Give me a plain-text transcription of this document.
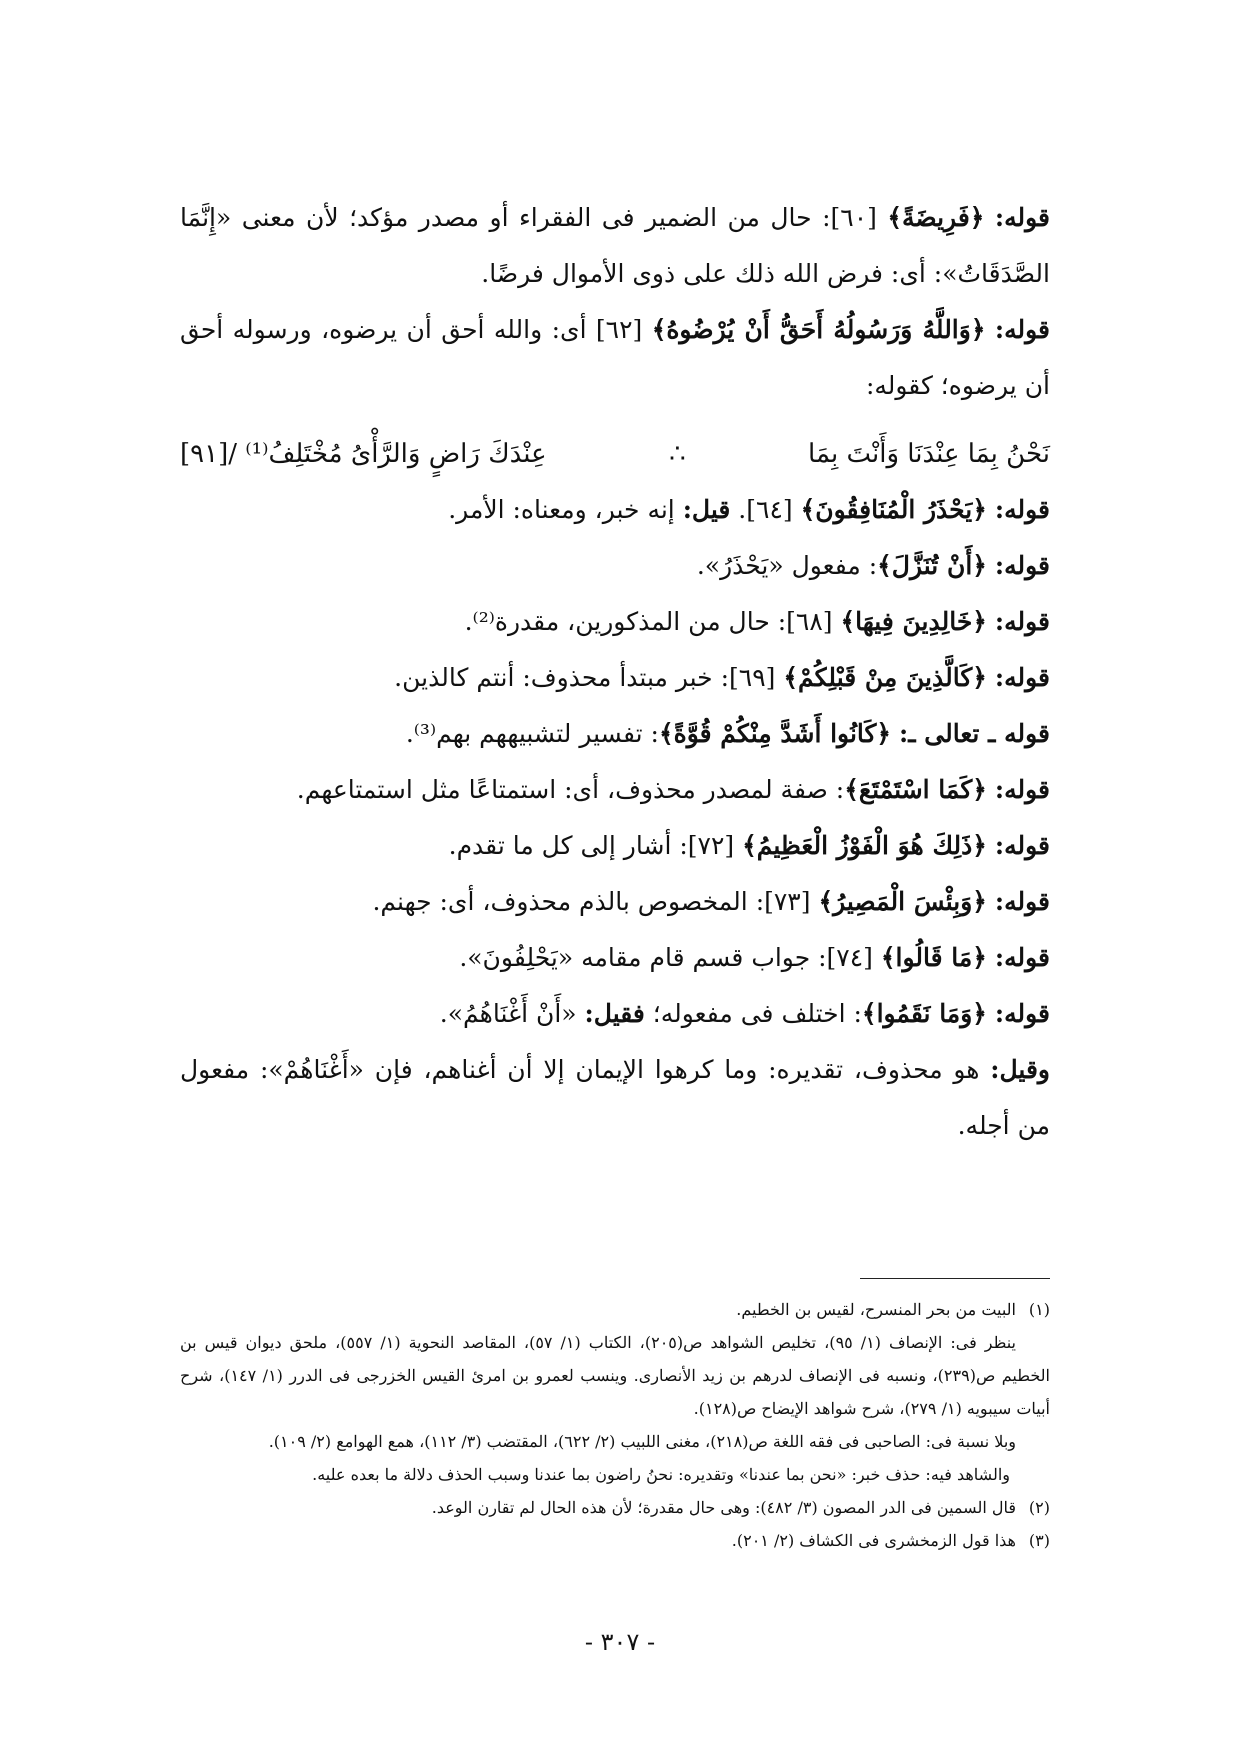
قوله: ﴿فَرِيضَةً﴾ [٦٠]: حال من الضمير فى الفقراء أو مصدر مؤكد؛ لأن معنى «إِنَّمَا الصَّدَقَاتُ»: أى: فرض الله ذلك على ذوى الأموال فرضًا.

قوله: ﴿وَاللَّهُ وَرَسُولُهُ أَحَقُّ أَنْ يُرْضُوهُ﴾ [٦٢] أى: والله أحق أن يرضوه، ورسوله أحق أن يرضوه؛ كقوله:

نَحْنُ بِمَا عِنْدَنَا وَأَنْتَ بِمَا
∴
عِنْدَكَ رَاضٍ وَالرَّأْىُ مُخْتَلِفُ⁽¹⁾ /[٩١]

قوله: ﴿يَحْذَرُ الْمُنَافِقُونَ﴾ [٦٤]. قيل: إنه خبر، ومعناه: الأمر.

قوله: ﴿أَنْ تُنَزَّلَ﴾: مفعول «يَحْذَرُ».

قوله: ﴿خَالِدِينَ فِيهَا﴾ [٦٨]: حال من المذكورين، مقدرة⁽²⁾.

قوله: ﴿كَالَّذِينَ مِنْ قَبْلِكُمْ﴾ [٦٩]: خبر مبتدأ محذوف: أنتم كالذين.

قوله ـ تعالى ـ: ﴿كَانُوا أَشَدَّ مِنْكُمْ قُوَّةً﴾: تفسير لتشبيههم بهم⁽³⁾.

قوله: ﴿كَمَا اسْتَمْتَعَ﴾: صفة لمصدر محذوف، أى: استمتاعًا مثل استمتاعهم.

قوله: ﴿ذَلِكَ هُوَ الْفَوْزُ الْعَظِيمُ﴾ [٧٢]: أشار إلى كل ما تقدم.

قوله: ﴿وَبِئْسَ الْمَصِيرُ﴾ [٧٣]: المخصوص بالذم محذوف، أى: جهنم.

قوله: ﴿مَا قَالُوا﴾ [٧٤]: جواب قسم قام مقامه «يَحْلِفُونَ».

قوله: ﴿وَمَا نَقَمُوا﴾: اختلف فى مفعوله؛ فقيل: «أَنْ أَغْنَاهُمُ».

وقيل: هو محذوف، تقديره: وما كرهوا الإيمان إلا أن أغناهم، فإن «أَغْنَاهُمْ»: مفعول من أجله.

(١)
البيت من بحر المنسرح، لقيس بن الخطيم.

ينظر فى: الإنصاف (١/ ٩٥)، تخليص الشواهد ص(٢٠٥)، الكتاب (١/ ٥٧)، المقاصد النحوية (١/ ٥٥٧)، ملحق ديوان قيس بن الخطيم ص(٢٣٩)، ونسبه فى الإنصاف لدرهم بن زيد الأنصارى. وينسب لعمرو بن امرئ القيس الخزرجى فى الدرر (١/ ١٤٧)، شرح أبيات سيبويه (١/ ٢٧٩)، شرح شواهد الإيضاح ص(١٢٨).

وبلا نسبة فى: الصاحبى فى فقه اللغة ص(٢١٨)، مغنى اللبيب (٢/ ٦٢٢)، المقتضب (٣/ ١١٢)، همع الهوامع (٢/ ١٠٩).

والشاهد فيه: حذف خبر: «نحن بما عندنا» وتقديره: نحنُ راضون بما عندنا وسبب الحذف دلالة ما بعده عليه.

(٢)
قال السمين فى الدر المصون (٣/ ٤٨٢): وهى حال مقدرة؛ لأن هذه الحال لم تقارن الوعد.

(٣)
هذا قول الزمخشرى فى الكشاف (٢/ ٢٠١).

- ٣٠٧ -
